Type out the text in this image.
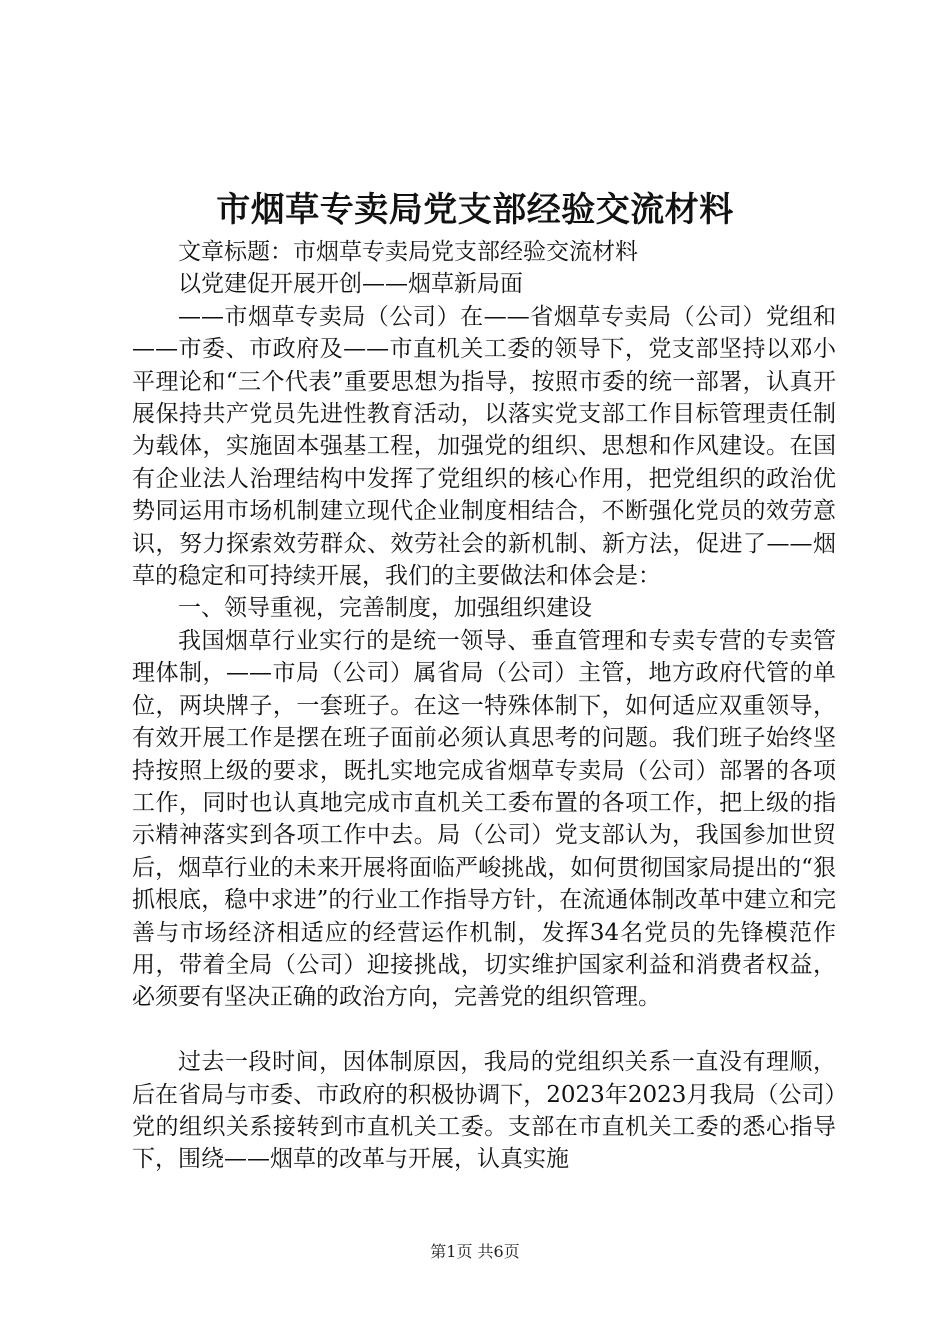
市烟草专卖局党支部经验交流材料

文章标题：市烟草专卖局党支部经验交流材料

以党建促开展开创——烟草新局面

——市烟草专卖局（公司）在——省烟草专卖局（公司）党组和——市委、市政府及——市直机关工委的领导下，党支部坚持以邓小平理论和“三个代表”重要思想为指导，按照市委的统一部署，认真开展保持共产党员先进性教育活动，以落实党支部工作目标管理责任制为载体，实施固本强基工程，加强党的组织、思想和作风建设。在国有企业法人治理结构中发挥了党组织的核心作用，把党组织的政治优势同运用市场机制建立现代企业制度相结合，不断强化党员的效劳意识，努力探索效劳群众、效劳社会的新机制、新方法，促进了——烟草的稳定和可持续开展，我们的主要做法和体会是：

一、领导重视，完善制度，加强组织建设

我国烟草行业实行的是统一领导、垂直管理和专卖专营的专卖管理体制，——市局（公司）属省局（公司）主管，地方政府代管的单位，两块牌子，一套班子。在这一特殊体制下，如何适应双重领导，有效开展工作是摆在班子面前必须认真思考的问题。我们班子始终坚持按照上级的要求，既扎实地完成省烟草专卖局（公司）部署的各项工作，同时也认真地完成市直机关工委布置的各项工作，把上级的指示精神落实到各项工作中去。局（公司）党支部认为，我国参加世贸后，烟草行业的未来开展将面临严峻挑战，如何贯彻国家局提出的“狠抓根底，稳中求进”的行业工作指导方针，在流通体制改革中建立和完善与市场经济相适应的经营运作机制，发挥34名党员的先锋模范作用，带着全局（公司）迎接挑战，切实维护国家利益和消费者权益，必须要有坚决正确的政治方向，完善党的组织管理。

过去一段时间，因体制原因，我局的党组织关系一直没有理顺，后在省局与市委、市政府的积极协调下，2023年2023月我局（公司）党的组织关系接转到市直机关工委。支部在市直机关工委的悉心指导下，围绕——烟草的改革与开展，认真实施

第1页 共6页
